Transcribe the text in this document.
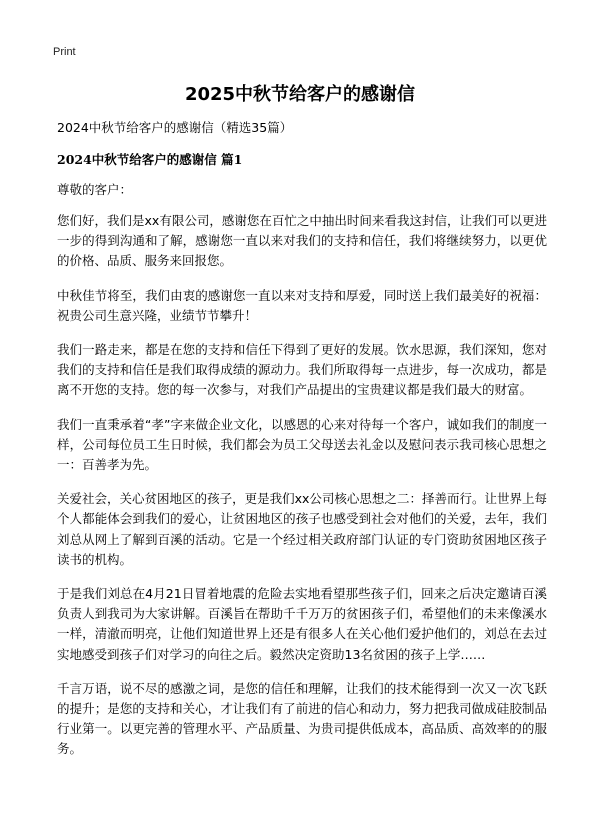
Print
2025中秋节给客户的感谢信
2024中秋节给客户的感谢信（精选35篇）
2024中秋节给客户的感谢信 篇1
尊敬的客户：

您们好，我们是xx有限公司，感谢您在百忙之中抽出时间来看我这封信，让我们可以更进一步的得到沟通和了解，感谢您一直以来对我们的支持和信任，我们将继续努力，以更优的价格、品质、服务来回报您。

中秋佳节将至，我们由衷的感谢您一直以来对支持和厚爱，同时送上我们最美好的祝福：祝贵公司生意兴隆，业绩节节攀升！

我们一路走来，都是在您的支持和信任下得到了更好的发展。饮水思源，我们深知，您对我们的支持和信任是我们取得成绩的源动力。我们所取得每一点进步，每一次成功，都是离不开您的支持。您的每一次参与，对我们产品提出的宝贵建议都是我们最大的财富。

我们一直秉承着“孝”字来做企业文化，以感恩的心来对待每一个客户，诚如我们的制度一样，公司每位员工生日时候，我们都会为员工父母送去礼金以及慰问表示我司核心思想之一：百善孝为先。

关爱社会，关心贫困地区的孩子，更是我们xx公司核心思想之二：择善而行。让世界上每个人都能体会到我们的爱心，让贫困地区的孩子也感受到社会对他们的关爱，去年，我们刘总从网上了解到百溪的活动。它是一个经过相关政府部门认证的专门资助贫困地区孩子读书的机构。

于是我们刘总在4月21日冒着地震的危险去实地看望那些孩子们，回来之后决定邀请百溪负责人到我司为大家讲解。百溪旨在帮助千千万万的贫困孩子们，希望他们的未来像溪水一样，清澈而明亮，让他们知道世界上还是有很多人在关心他们爱护他们的，刘总在去过实地感受到孩子们对学习的向往之后。毅然决定资助13名贫困的孩子上学……

千言万语，说不尽的感激之词，是您的信任和理解，让我们的技术能得到一次又一次飞跃的提升；是您的支持和关心，才让我们有了前进的信心和动力，努力把我司做成硅胶制品行业第一。以更完善的管理水平、产品质量、为贵司提供低成本，高品质、高效率的的服务。
